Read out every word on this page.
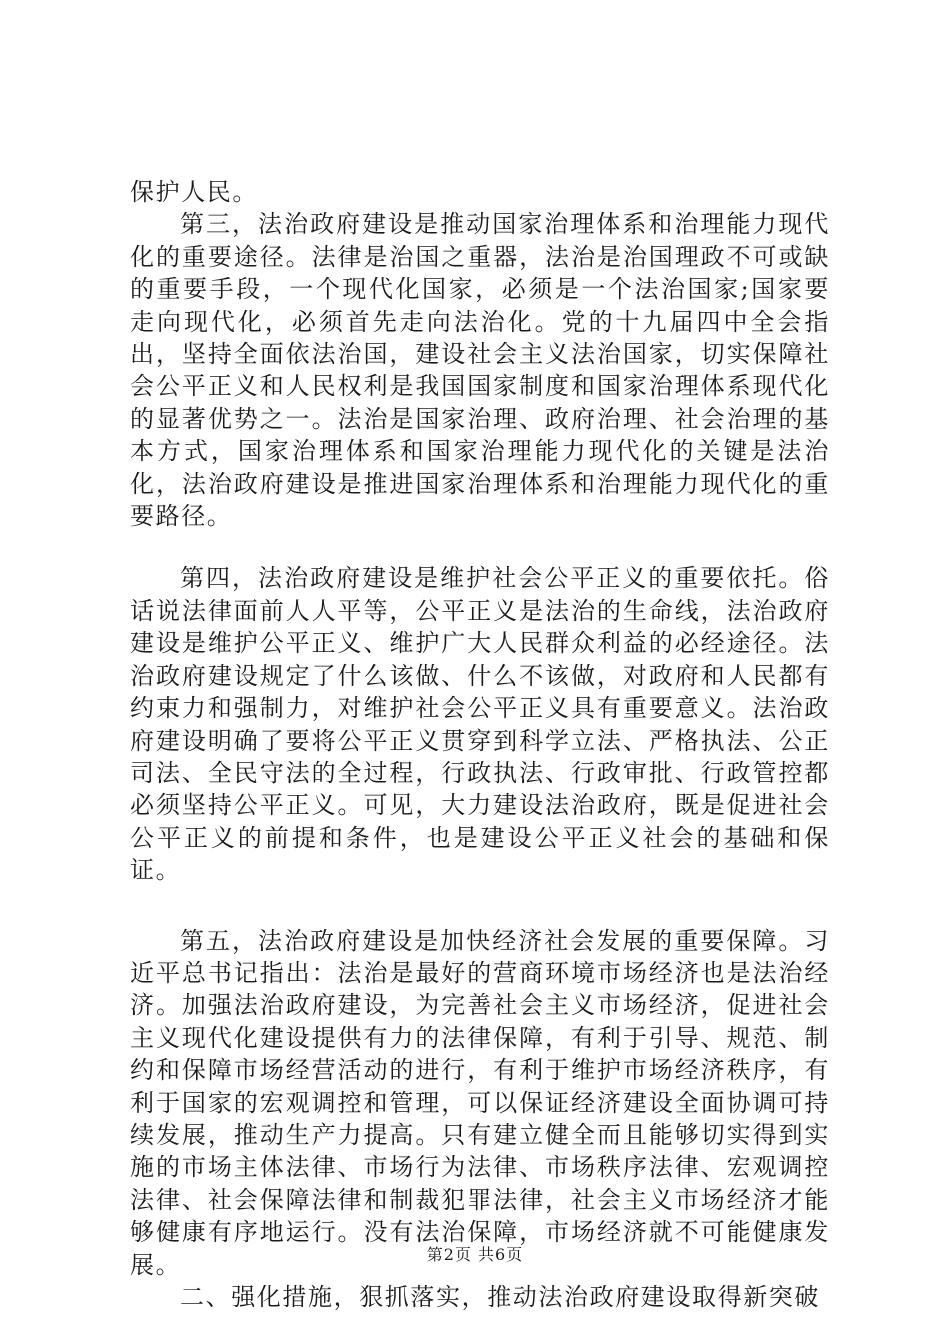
保护人民。

第三，法治政府建设是推动国家治理体系和治理能力现代化的重要途径。法律是治国之重器，法治是治国理政不可或缺的重要手段，一个现代化国家，必须是一个法治国家;国家要走向现代化，必须首先走向法治化。党的十九届四中全会指出，坚持全面依法治国，建设社会主义法治国家，切实保障社会公平正义和人民权利是我国国家制度和国家治理体系现代化的显著优势之一。法治是国家治理、政府治理、社会治理的基本方式，国家治理体系和国家治理能力现代化的关键是法治化，法治政府建设是推进国家治理体系和治理能力现代化的重要路径。

第四，法治政府建设是维护社会公平正义的重要依托。俗话说法律面前人人平等，公平正义是法治的生命线，法治政府建设是维护公平正义、维护广大人民群众利益的必经途径。法治政府建设规定了什么该做、什么不该做，对政府和人民都有约束力和强制力，对维护社会公平正义具有重要意义。法治政府建设明确了要将公平正义贯穿到科学立法、严格执法、公正司法、全民守法的全过程，行政执法、行政审批、行政管控都必须坚持公平正义。可见，大力建设法治政府，既是促进社会公平正义的前提和条件，也是建设公平正义社会的基础和保证。

第五，法治政府建设是加快经济社会发展的重要保障。习近平总书记指出：法治是最好的营商环境市场经济也是法治经济。加强法治政府建设，为完善社会主义市场经济，促进社会主义现代化建设提供有力的法律保障，有利于引导、规范、制约和保障市场经营活动的进行，有利于维护市场经济秩序，有利于国家的宏观调控和管理，可以保证经济建设全面协调可持续发展，推动生产力提高。只有建立健全而且能够切实得到实施的市场主体法律、市场行为法律、市场秩序法律、宏观调控法律、社会保障法律和制裁犯罪法律，社会主义市场经济才能够健康有序地运行。没有法治保障，市场经济就不可能健康发展。

二、强化措施，狠抓落实，推动法治政府建设取得新突破

第2页 共6页
